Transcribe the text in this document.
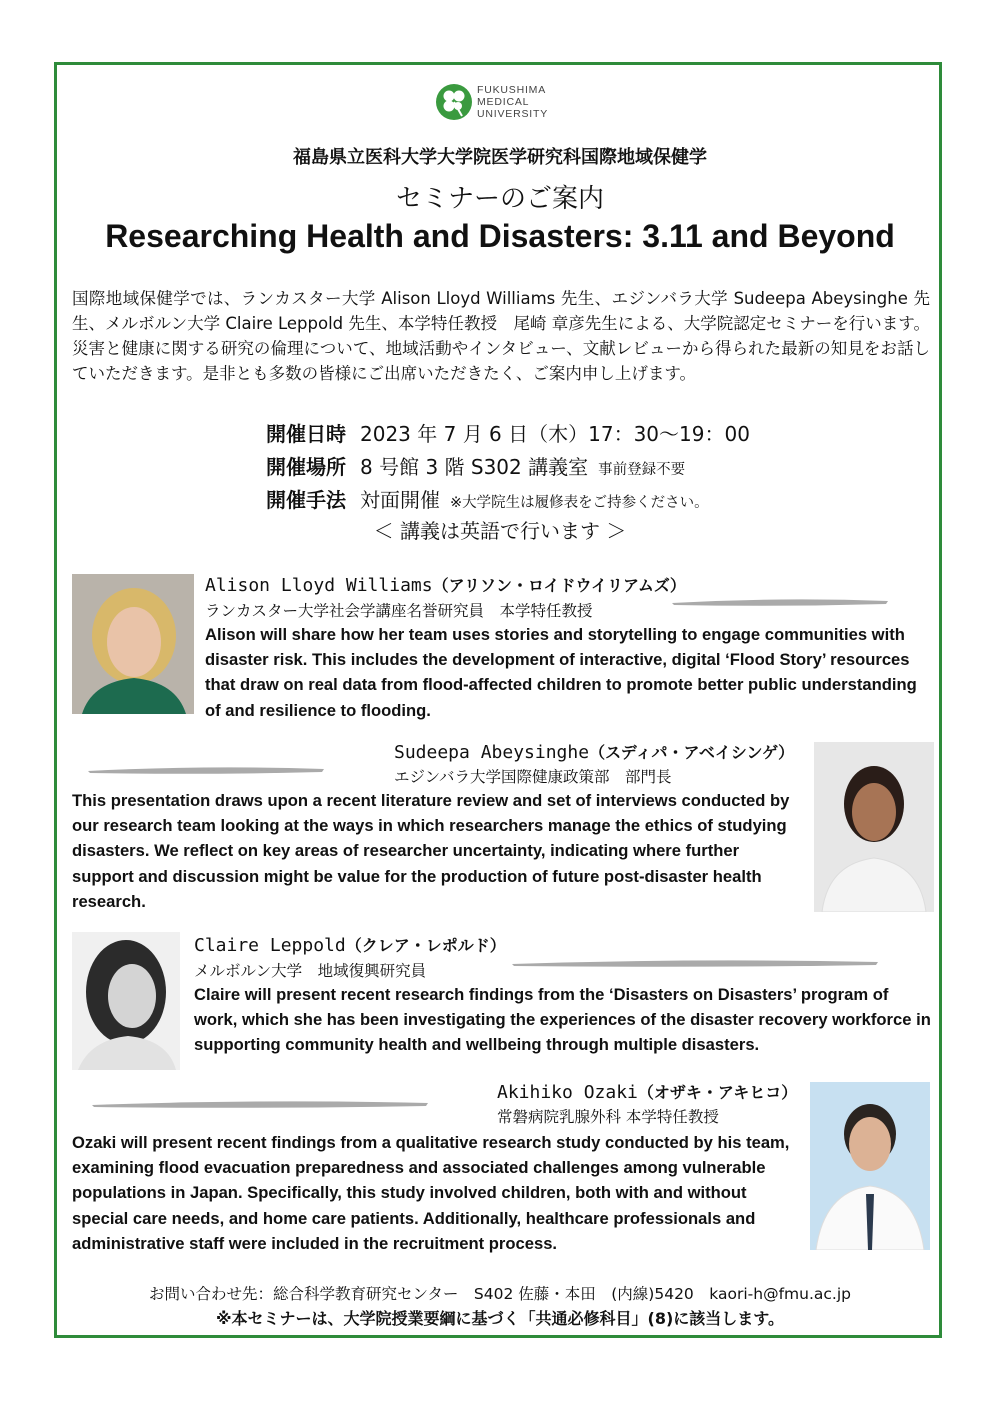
FUKUSHIMA
MEDICAL
UNIVERSITY
福島県立医科大学大学院医学研究科国際地域保健学
セミナーのご案内
Researching Health and Disasters: 3.11 and Beyond
国際地域保健学では、ランカスター大学 Alison Lloyd Williams 先生、エジンバラ大学 Sudeepa Abeysinghe 先生、メルボルン大学 Claire Leppold 先生、本学特任教授　尾崎 章彦先生による、大学院認定セミナーを行います。災害と健康に関する研究の倫理について、地域活動やインタビュー、文献レビューから得られた最新の知見をお話していただきます。是非とも多数の皆様にご出席いただきたく、ご案内申し上げます。
開催日時 2023 年 7 月 6 日（木）17：30〜19：00
開催場所 8 号館 3 階 S302 講義室 事前登録不要
開催手法 対面開催 ※大学院生は履修表をご持参ください。
＜ 講義は英語で行います ＞
Alison Lloyd Williams（アリソン・ロイドウイリアムズ）
ランカスター大学社会学講座名誉研究員　本学特任教授
Alison will share how her team uses stories and storytelling to engage communities with disaster risk. This includes the development of interactive, digital ‘Flood Story’ resources that draw on real data from flood-affected children to promote better public understanding of and resilience to flooding.
Sudeepa Abeysinghe（スディパ・アベイシンゲ）
エジンバラ大学国際健康政策部　部門長
This presentation draws upon a recent literature review and set of interviews conducted by our research team looking at the ways in which researchers manage the ethics of studying disasters. We reflect on key areas of researcher uncertainty, indicating where further support and discussion might be value for the production of future post-disaster health research.
Claire Leppold（クレア・レポルド）
メルボルン大学　地域復興研究員
Claire will present recent research findings from the ‘Disasters on Disasters’ program of work, which she has been investigating the experiences of the disaster recovery workforce in supporting community health and wellbeing through multiple disasters.
Akihiko Ozaki（オザキ・アキヒコ）
常磐病院乳腺外科 本学特任教授
Ozaki will present recent findings from a qualitative research study conducted by his team, examining flood evacuation preparedness and associated challenges among vulnerable populations in Japan. Specifically, this study involved children, both with and without special care needs, and home care patients. Additionally, healthcare professionals and administrative staff were included in the recruitment process.
お問い合わせ先：総合科学教育研究センター　S402 佐藤・本田　(内線)5420　kaori-h@fmu.ac.jp
※本セミナーは、大学院授業要綱に基づく「共通必修科目」(8)に該当します。
